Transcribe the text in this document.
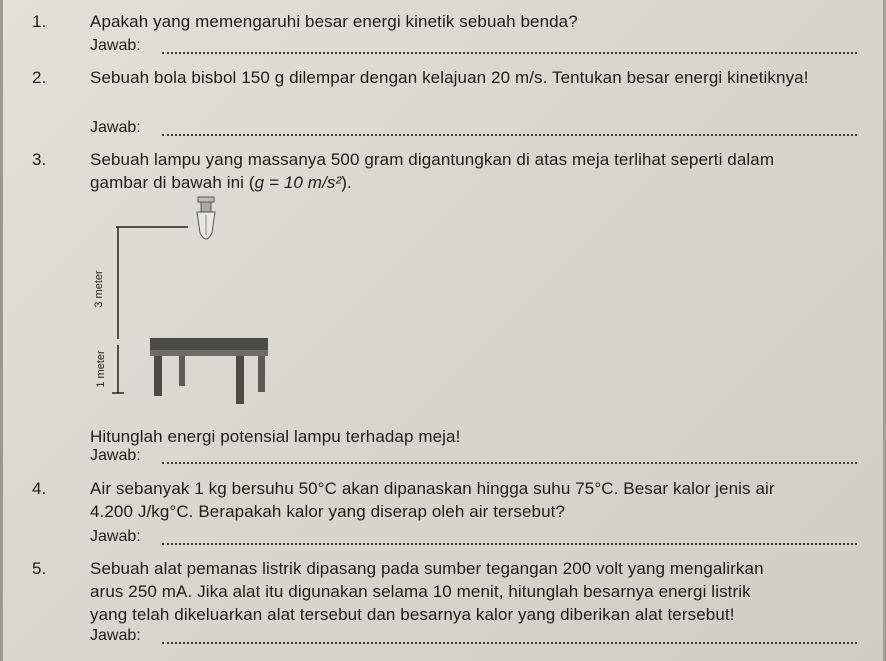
1.	Apakah yang memengaruhi besar energi kinetik sebuah benda?
Jawab:
2.	Sebuah bola bisbol 150 g dilempar dengan kelajuan 20 m/s. Tentukan besar energi kinetiknya!
Jawab:
3.	Sebuah lampu yang massanya 500 gram digantungkan di atas meja terlihat seperti dalam
gambar di bawah ini (g = 10 m/s²).
3 meter
1 meter
Hitunglah energi potensial lampu terhadap meja!
Jawab:
4.	Air sebanyak 1 kg bersuhu 50°C akan dipanaskan hingga suhu 75°C. Besar kalor jenis air
4.200 J/kg°C. Berapakah kalor yang diserap oleh air tersebut?
Jawab:
5.	Sebuah alat pemanas listrik dipasang pada sumber tegangan 200 volt yang mengalirkan
arus 250 mA. Jika alat itu digunakan selama 10 menit, hitunglah besarnya energi listrik
yang telah dikeluarkan alat tersebut dan besarnya kalor yang diberikan alat tersebut!
Jawab:
